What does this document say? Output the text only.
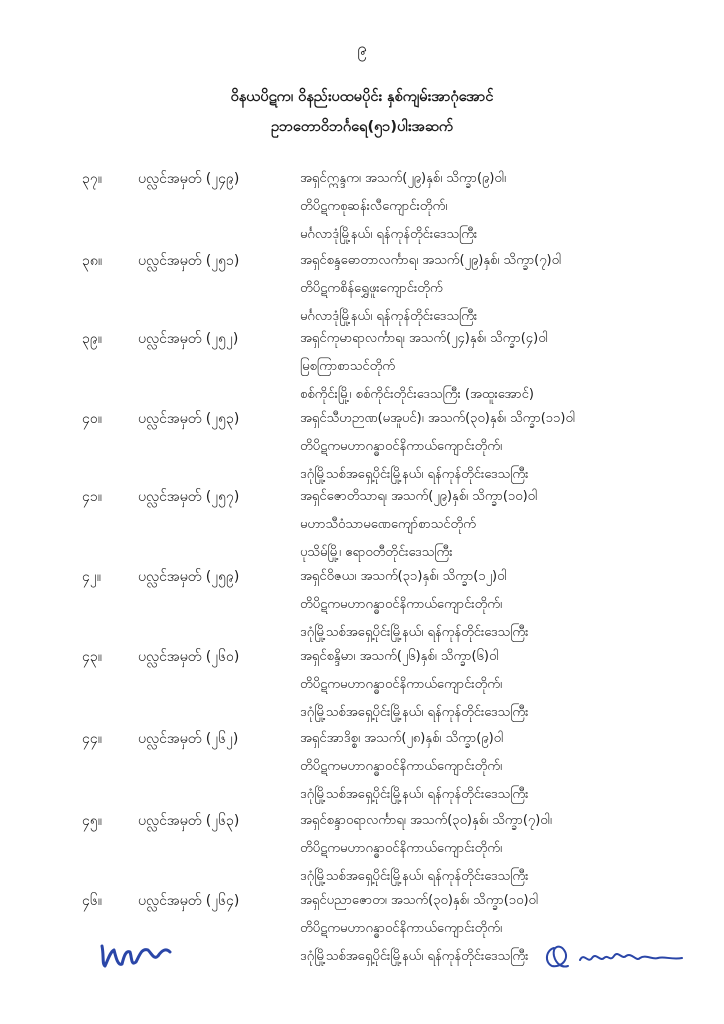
၉
ဝိနယပိဋက၊ ဝိနည်းပထမပိုင်း နှစ်ကျမ်းအာဂုံအောင်
ဥဘတောဝိဘင်္ဂရေ(၅၁)ပါးအဆက်
၃၇။	ပလ္လင်အမှတ် (၂၄၉)	အရှင်ဣန္ဒက၊ အသက်(၂၉)နှစ်၊ သိက္ခာ(၉)ဝါ၊
တိပိဋကစုဆန်းလီကျောင်းတိုက်၊
မင်္ဂလာဒုံမြို့နယ်၊ ရန်ကုန်တိုင်းဒေသကြီး
၃၈။	ပလ္လင်အမှတ် (၂၅၁)	အရှင်စန္ဒဓောတာလင်္ကာရ၊ အသက်(၂၉)နှစ်၊ သိက္ခာ(၇)ဝါ
တိပိဋကစိန်ရွှေဖူးကျောင်းတိုက်
မင်္ဂလာဒုံမြို့နယ်၊ ရန်ကုန်တိုင်းဒေသကြီး
၃၉။	ပလ္လင်အမှတ် (၂၅၂)	အရှင်ကုမာရာလင်္ကာရ၊ အသက်(၂၄)နှစ်၊ သိက္ခာ(၄)ဝါ
မြစကြာစာသင်တိုက်
စစ်ကိုင်းမြို့၊ စစ်ကိုင်းတိုင်းဒေသကြီး (အထူးအောင်)
၄၀။	ပလ္လင်အမှတ် (၂၅၃)	အရှင်သီဟဉာဏ(မအူပင်)၊ အသက်(၃၀)နှစ်၊ သိက္ခာ(၁၁)ဝါ
တိပိဋကမဟာဂန္ဓာဝင်နိကာယ်ကျောင်းတိုက်၊
ဒဂုံမြို့သစ်အရှေ့ပိုင်းမြို့နယ်၊ ရန်ကုန်တိုင်းဒေသကြီး
၄၁။	ပလ္လင်အမှတ် (၂၅၇)	အရှင်ဇောတိသာရ၊ အသက်(၂၉)နှစ်၊ သိက္ခာ(၁၀)ဝါ
မဟာသီဝံသာမဏေကျော်စာသင်တိုက်
ပုသိမ်မြို့၊ ဧရာဝတီတိုင်းဒေသကြီး
၄၂။	ပလ္လင်အမှတ် (၂၅၉)	အရှင်ဝိဇယ၊ အသက်(၃၁)နှစ်၊ သိက္ခာ(၁၂)ဝါ
တိပိဋကမဟာဂန္ဓာဝင်နိကာယ်ကျောင်းတိုက်၊
ဒဂုံမြို့သစ်အရှေ့ပိုင်းမြို့နယ်၊ ရန်ကုန်တိုင်းဒေသကြီး
၄၃။	ပလ္လင်အမှတ် (၂၆၀)	အရှင်စန္ဒိမာ၊ အသက်(၂၆)နှစ်၊ သိက္ခာ(၆)ဝါ
တိပိဋကမဟာဂန္ဓာဝင်နိကာယ်ကျောင်းတိုက်၊
ဒဂုံမြို့သစ်အရှေ့ပိုင်းမြို့နယ်၊ ရန်ကုန်တိုင်းဒေသကြီး
၄၄။	ပလ္လင်အမှတ် (၂၆၂)	အရှင်အာဒိစ္စ၊ အသက်(၂၈)နှစ်၊ သိက္ခာ(၉)ဝါ
တိပိဋကမဟာဂန္ဓာဝင်နိကာယ်ကျောင်းတိုက်၊
ဒဂုံမြို့သစ်အရှေ့ပိုင်းမြို့နယ်၊ ရန်ကုန်တိုင်းဒေသကြီး
၄၅။	ပလ္လင်အမှတ် (၂၆၃)	အရှင်စန္ဒာဝရာလင်္ကာရ၊ အသက်(၃၀)နှစ်၊ သိက္ခာ(၇)ဝါ၊
တိပိဋကမဟာဂန္ဓာဝင်နိကာယ်ကျောင်းတိုက်၊
ဒဂုံမြို့သစ်အရှေ့ပိုင်းမြို့နယ်၊ ရန်ကုန်တိုင်းဒေသကြီး
၄၆။	ပလ္လင်အမှတ် (၂၆၄)	အရှင်ပညာဇောတ၊ အသက်(၃၀)နှစ်၊ သိက္ခာ(၁၀)ဝါ
တိပိဋကမဟာဂန္ဓာဝင်နိကာယ်ကျောင်းတိုက်၊
ဒဂုံမြို့သစ်အရှေ့ပိုင်းမြို့နယ်၊ ရန်ကုန်တိုင်းဒေသကြီး
